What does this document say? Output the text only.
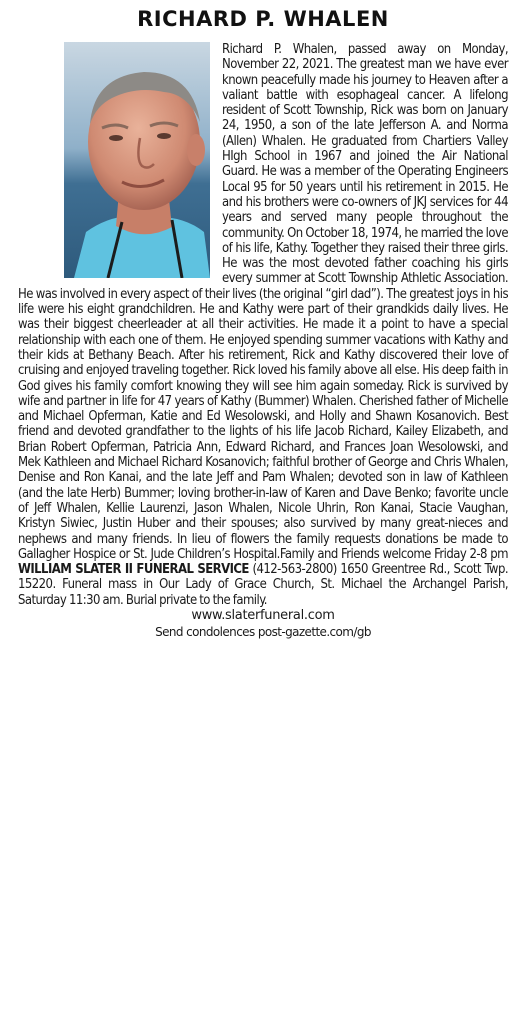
RICHARD P. WHALEN

Richard P. Whalen, passed away on Monday, November 22, 2021. The greatest man we have ever known peacefully made his journey to Heaven after a valiant battle with esophageal cancer. A lifelong resident of Scott Township, Rick was born on January 24, 1950, a son of the late Jefferson A. and Norma (Allen) Whalen. He graduated from Chartiers Valley HIgh School in 1967 and joined the Air National Guard. He was a member of the Operating Engineers Local 95 for 50 years until his retirement in 2015. He and his brothers were co-owners of JKJ services for 44 years and served many people throughout the community. On October 18, 1974, he married the love of his life, Kathy. Together they raised their three girls. He was the most devoted father coaching his girls every summer at Scott Township Athletic Association. He was involved in every aspect of their lives (the original “girl dad”). The greatest joys in his life were his eight grandchildren. He and Kathy were part of their grandkids daily lives. He was their biggest cheerleader at all their activities. He made it a point to have a special relationship with each one of them. He enjoyed spending summer vacations with Kathy and their kids at Bethany Beach. After his retirement, Rick and Kathy discovered their love of cruising and enjoyed traveling together. Rick loved his family above all else. His deep faith in God gives his family comfort knowing they will see him again someday. Rick is survived by wife and partner in life for 47 years of Kathy (Bummer) Whalen. Cherished father of Michelle and Michael Opferman, Katie and Ed Wesolowski, and Holly and Shawn Kosanovich. Best friend and devoted grandfather to the lights of his life Jacob Richard, Kailey Elizabeth, and Brian Robert Opferman, Patricia Ann, Edward Richard, and Frances Joan Wesolowski, and Mek Kathleen and Michael Richard Kosanovich; faithful brother of George and Chris Whalen, Denise and Ron Kanai, and the late Jeff and Pam Whalen; devoted son in law of Kathleen (and the late Herb) Bummer; loving brother-in-law of Karen and Dave Benko; favorite uncle of Jeff Whalen, Kellie Laurenzi, Jason Whalen, Nicole Uhrin, Ron Kanai, Stacie Vaughan, Kristyn Siwiec, Justin Huber and their spouses; also survived by many great-nieces and nephews and many friends. In lieu of flowers the family requests donations be made to Gallagher Hospice or St. Jude Children’s Hospital.Family and Friends welcome Friday 2-8 pm WILLIAM SLATER II FUNERAL SERVICE (412-563-2800) 1650 Greentree Rd., Scott Twp. 15220. Funeral mass in Our Lady of Grace Church, St. Michael the Archangel Parish, Saturday 11:30 am. Burial private to the family.

www.slaterfuneral.com
Send condolences post-gazette.com/gb
